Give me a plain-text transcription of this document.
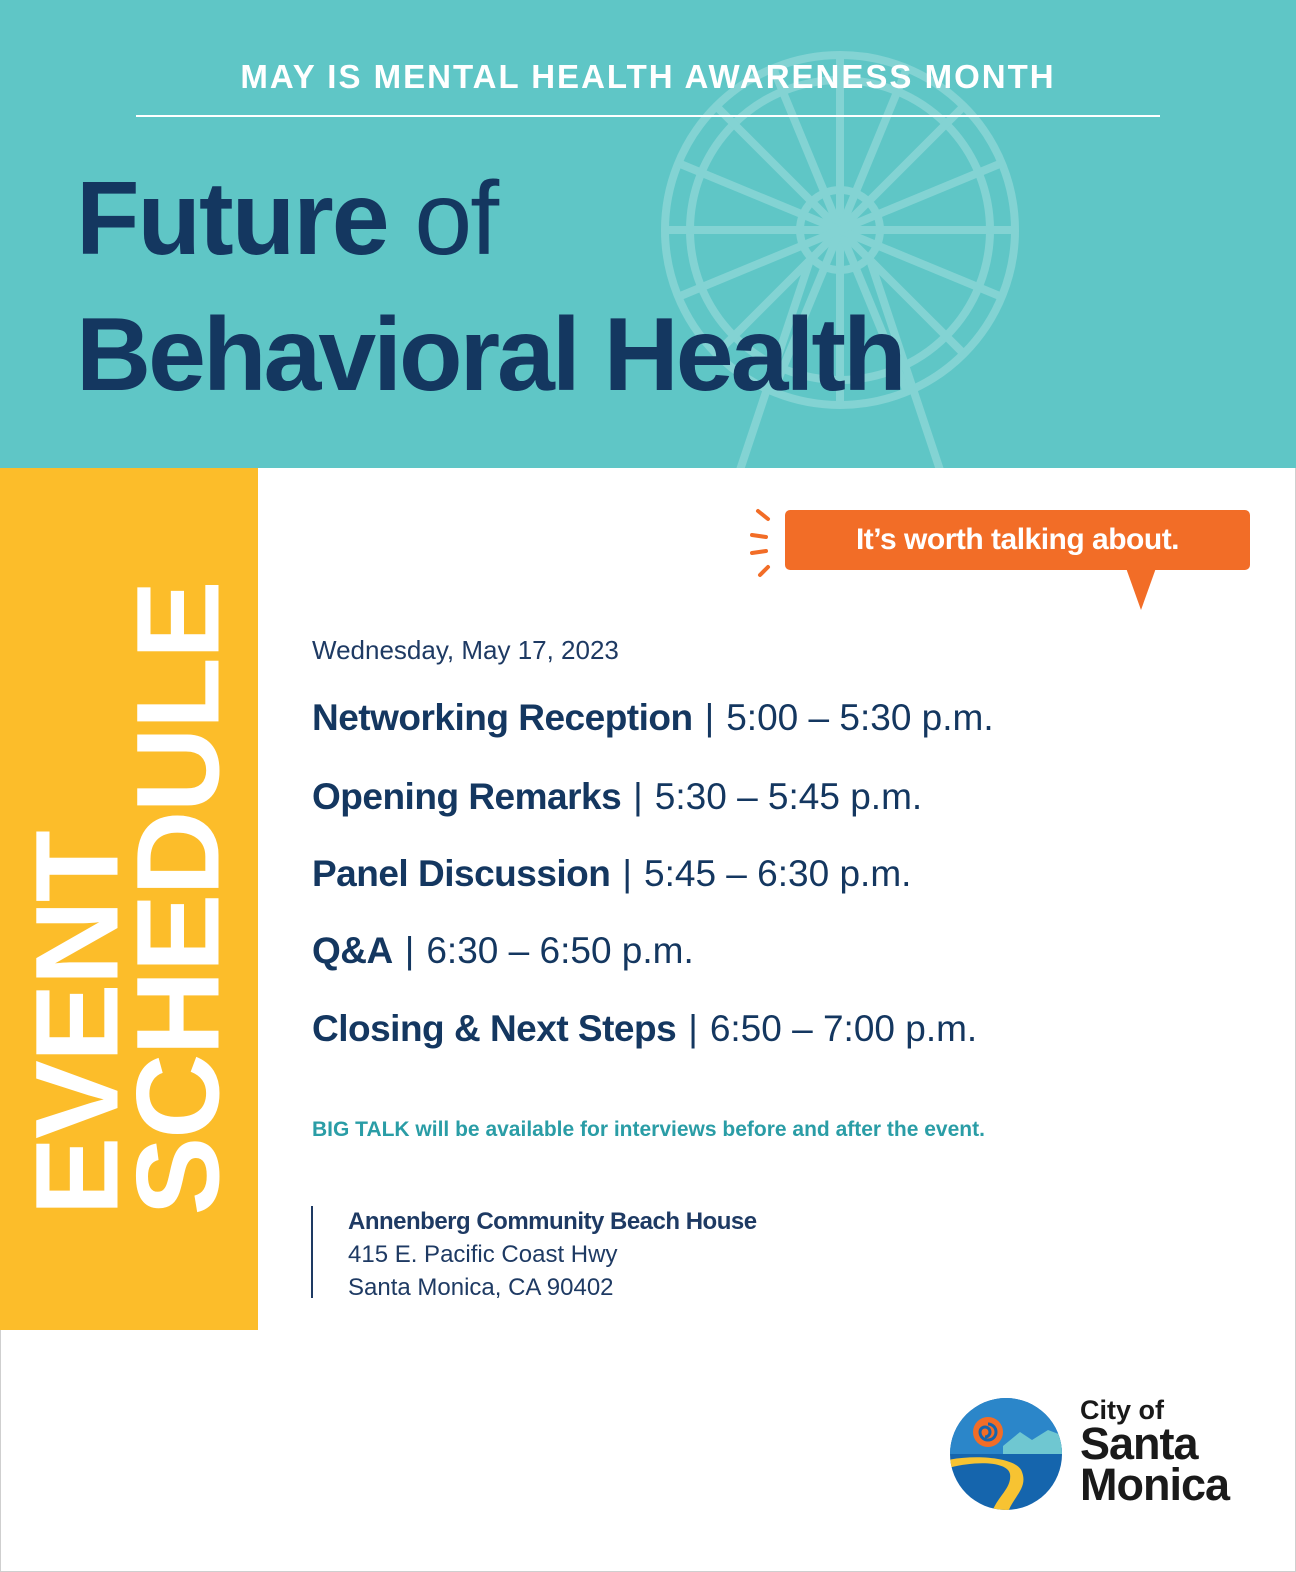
MAY IS MENTAL HEALTH AWARENESS MONTH
Future of
Behavioral Health
EVENT
SCHEDULE
It’s worth talking about.
Wednesday, May 17, 2023
Networking Reception | 5:00 – 5:30 p.m.
Opening Remarks | 5:30 – 5:45 p.m.
Panel Discussion | 5:45 – 6:30 p.m.
Q&A | 6:30 – 6:50 p.m.
Closing & Next Steps | 6:50 – 7:00 p.m.
BIG TALK will be available for interviews before and after the event.
Annenberg Community Beach House
415 E. Pacific Coast Hwy
Santa Monica, CA 90402
City of
Santa
Monica
